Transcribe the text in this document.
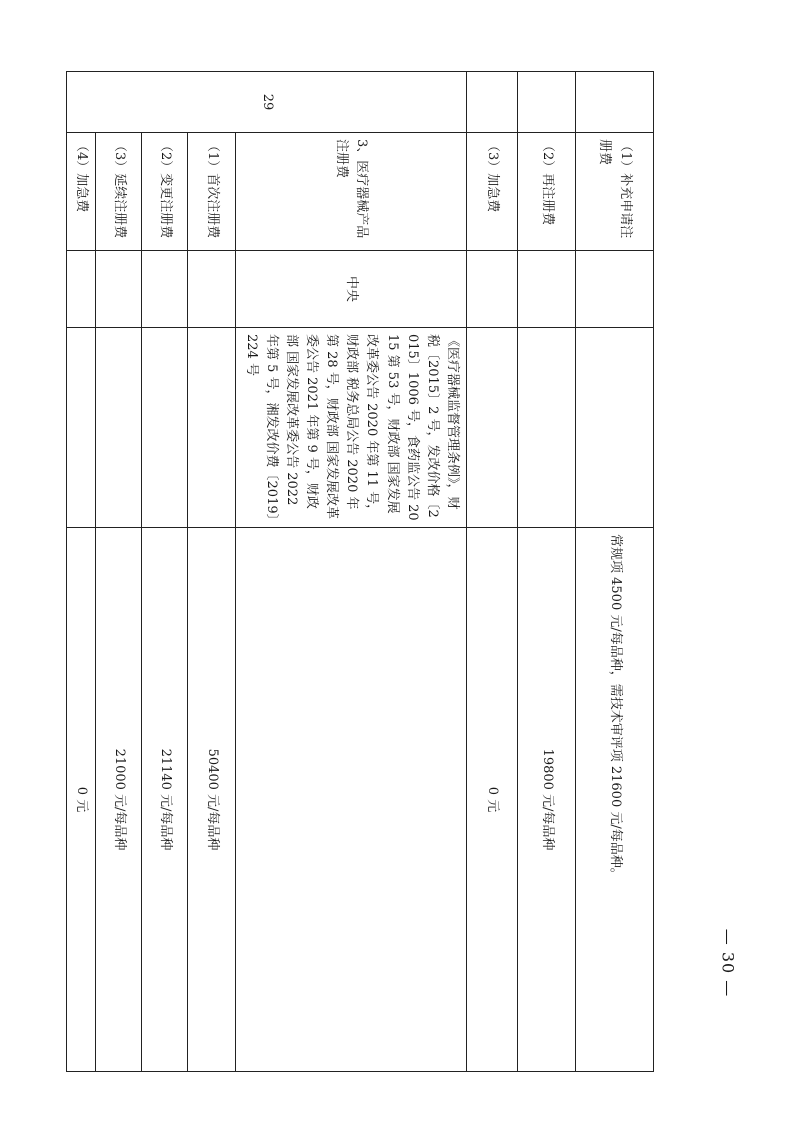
	（1）补充申请注册费			常规项 4500 元/每品种，需技术审评项 21600 元/每品种。
	（2）再注册费			19800 元/每品种
	（3）加急费			0 元
29	3、医疗器械产品注册费	中央	《医疗器械监督管理条例》，财税〔2015〕2 号，发改价格〔2015〕1006 号，食药监公告 2015 第 53 号，财政部 国家发展改革委公告 2020 年第 11 号，财政部 税务总局公告 2020 年第 28 号，财政部 国家发展改革委公告 2021 年第 9 号，财政部 国家发展改革委公告 2022 年第 5 号，湘发改价费〔2019〕224 号	
	（1）首次注册费			50400 元/每品种
	（2）变更注册费			21140 元/每品种
	（3）延续注册费			21000 元/每品种
	（4）加急费			0 元
— 30 —
